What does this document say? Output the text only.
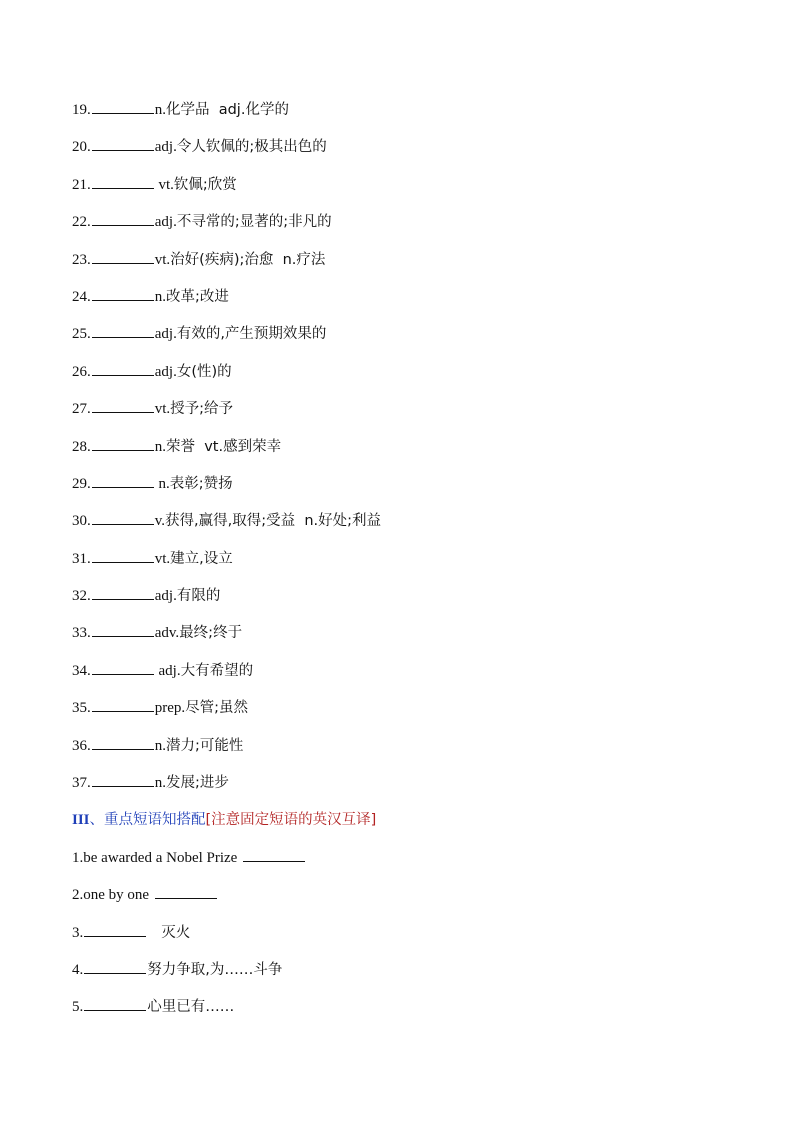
19.	n.化学品  adj.化学的
20.	adj.令人钦佩的;极其出色的
21.	vt.钦佩;欣赏
22.	adj.不寻常的;显著的;非凡的
23.	vt.治好(疾病);治愈  n.疗法
24.	n.改革;改进
25.	adj.有效的,产生预期效果的
26.	adj.女(性)的
27.	vt.授予;给予
28.	n.荣誉  vt.感到荣幸
29.	n.表彰;赞扬
30.	v.获得,赢得,取得;受益  n.好处;利益
31.	vt.建立,设立
32.	adj.有限的
33.	adv.最终;终于
34.	adj.大有希望的
35.	prep.尽管;虽然
36.	n.潜力;可能性
37.	n.发展;进步
III、重点短语知搭配[注意固定短语的英汉互译]
1.be awarded a Nobel Prize
2.one by one
3.	灭火
4.	努力争取,为……斗争
5.	心里已有……
